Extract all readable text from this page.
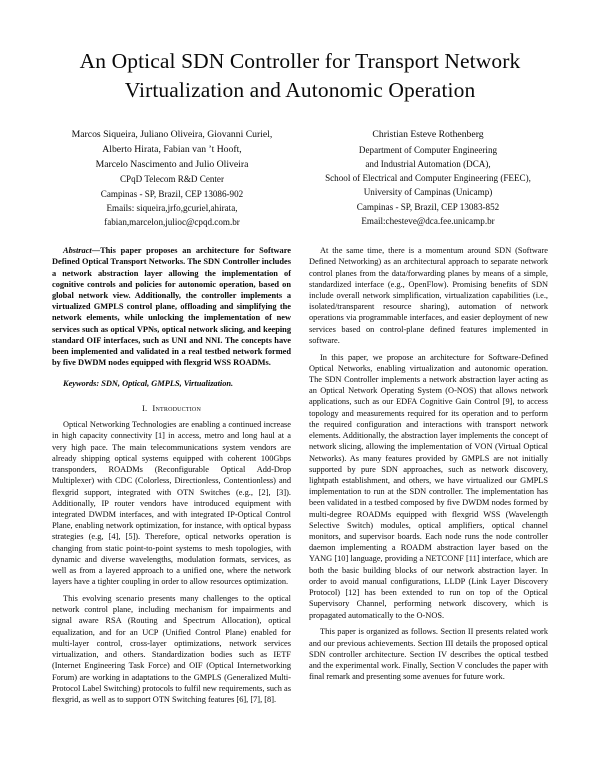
An Optical SDN Controller for Transport Network
Virtualization and Autonomic Operation
Marcos Siqueira, Juliano Oliveira, Giovanni Curiel,
Alberto Hirata, Fabian van ’t Hooft,
Marcelo Nascimento and Julio Oliveira
CPqD Telecom R&D Center
Campinas - SP, Brazil, CEP 13086-902
Emails: siqueira,jrfo,gcuriel,ahirata,
fabian,marcelon,julioc@cpqd.com.br
Christian Esteve Rothenberg
Department of Computer Engineering
and Industrial Automation (DCA),
School of Electrical and Computer Engineering (FEEC),
University of Campinas (Unicamp)
Campinas - SP, Brazil, CEP 13083-852
Email:chesteve@dca.fee.unicamp.br

Abstract—This paper proposes an architecture for Software Defined Optical Transport Networks. The SDN Controller includes a network abstraction layer allowing the implementation of cognitive controls and policies for autonomic operation, based on global network view. Additionally, the controller implements a virtualized GMPLS control plane, offloading and simplifying the network elements, while unlocking the implementation of new services such as optical VPNs, optical network slicing, and keeping standard OIF interfaces, such as UNI and NNI. The concepts have been implemented and validated in a real testbed network formed by five DWDM nodes equipped with flexgrid WSS ROADMs.

Keywords: SDN, Optical, GMPLS, Virtualization.

I. Introduction

Optical Networking Technologies are enabling a continued increase in high capacity connectivity [1] in access, metro and long haul at a very high pace. The main telecommunications system vendors are already shipping optical systems equipped with coherent 100Gbps transponders, ROADMs (Reconfigurable Optical Add-Drop Multiplexer) with CDC (Colorless, Directionless, Contentionless) and flexgrid support, integrated with OTN Switches (e.g., [2], [3]). Additionally, IP router vendors have introduced equipment with integrated DWDM interfaces, and with integrated IP-Optical Control Plane, enabling network optimization, for instance, with optical bypass strategies (e.g, [4], [5]). Therefore, optical networks operation is changing from static point-to-point systems to mesh topologies, with dynamic and diverse wavelengths, modulation formats, services, as well as from a layered approach to a unified one, where the network layers have a tighter coupling in order to allow resources optimization.

This evolving scenario presents many challenges to the optical network control plane, including mechanism for impairments and signal aware RSA (Routing and Spectrum Allocation), optical equalization, and for an UCP (Unified Control Plane) enabled for multi-layer control, cross-layer optimizations, network services virtualization, and others. Standardization bodies such as IETF (Internet Engineering Task Force) and OIF (Optical Internetworking Forum) are working in adaptations to the GMPLS (Generalized Multi-Protocol Label Switching) protocols to fulfil new requirements, such as flexgrid, as well as to support OTN Switching features [6], [7], [8].

At the same time, there is a momentum around SDN (Software Defined Networking) as an architectural approach to separate network control planes from the data/forwarding planes by means of a simple, standardized interface (e.g., OpenFlow). Promising benefits of SDN include overall network simplification, virtualization capabilities (i.e., isolated/transparent resource sharing), automation of network operations via programmable interfaces, and easier deployment of new services based on control-plane defined features implemented in software.

In this paper, we propose an architecture for Software-Defined Optical Networks, enabling virtualization and autonomic operation. The SDN Controller implements a network abstraction layer acting as an Optical Network Operating System (O-NOS) that allows network applications, such as our EDFA Cognitive Gain Control [9], to access topology and measurements required for its operation and to perform the required configuration and interactions with transport network elements. Additionally, the abstraction layer implements the concept of network slicing, allowing the implementation of VON (Virtual Optical Networks). As many features provided by GMPLS are not initially supported by pure SDN approaches, such as network discovery, lightpath establishment, and others, we have virtualized our GMPLS implementation to run at the SDN controller. The implementation has been validated in a testbed composed by five DWDM nodes formed by multi-degree ROADMs equipped with flexgrid WSS (Wavelength Selective Switch) modules, optical amplifiers, optical channel monitors, and supervisor boards. Each node runs the node controller daemon implementing a ROADM abstraction layer based on the YANG [10] language, providing a NETCONF [11] interface, which are both the basic building blocks of our network abstraction layer. In order to avoid manual configurations, LLDP (Link Layer Discovery Protocol) [12] has been extended to run on top of the Optical Supervisory Channel, performing network discovery, which is propagated automatically to the O-NOS.

This paper is organized as follows. Section II presents related work and our previous achievements. Section III details the proposed optical SDN controller architecture. Section IV describes the optical testbed and the experimental work. Finally, Section V concludes the paper with final remark and presenting some avenues for future work.
